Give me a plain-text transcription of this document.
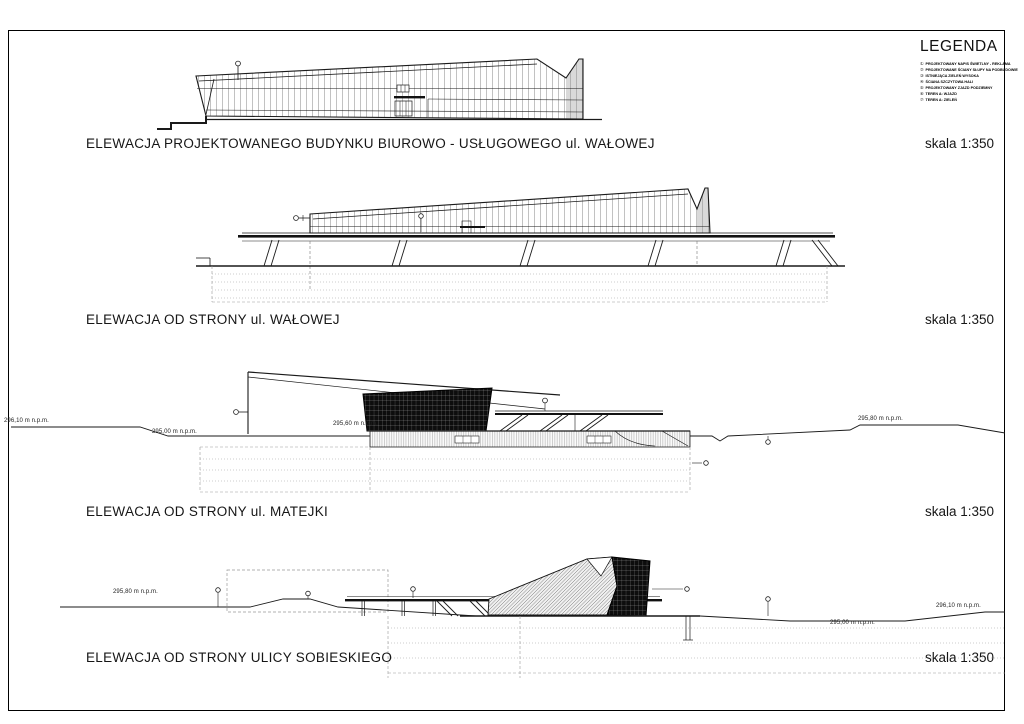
LEGENDA
① PROJEKTOWANY NAPIS ŚWIETLNY - REKLAMA
② PROJEKTOWANE ŚCIANY SŁUPY NA PODBUDOWIE
③ ISTNIEJĄCA ZIELEŃ WYSOKA
④ ŚCIANA SZCZYTOWA HALI
⑤ PROJEKTOWANY ZJAZD PODZIEMNY
⑥ TEREN A: WJAZD
⑦ TEREN A: ZIELEŃ
ELEWACJA PROJEKTOWANEGO BUDYNKU BIUROWO - USŁUGOWEGO ul. WAŁOWEJ	skala 1:350
ELEWACJA OD STRONY ul. WAŁOWEJ	skala 1:350
ELEWACJA OD STRONY ul. MATEJKI	skala 1:350
ELEWACJA OD STRONY ULICY SOBIESKIEGO	skala 1:350
296,10 m n.p.m.
295,00 m n.p.m.
295,60 m n.p.m.
295,80 m n.p.m.
295,80 m n.p.m.
296,10 m n.p.m.
295,00 m n.p.m.
